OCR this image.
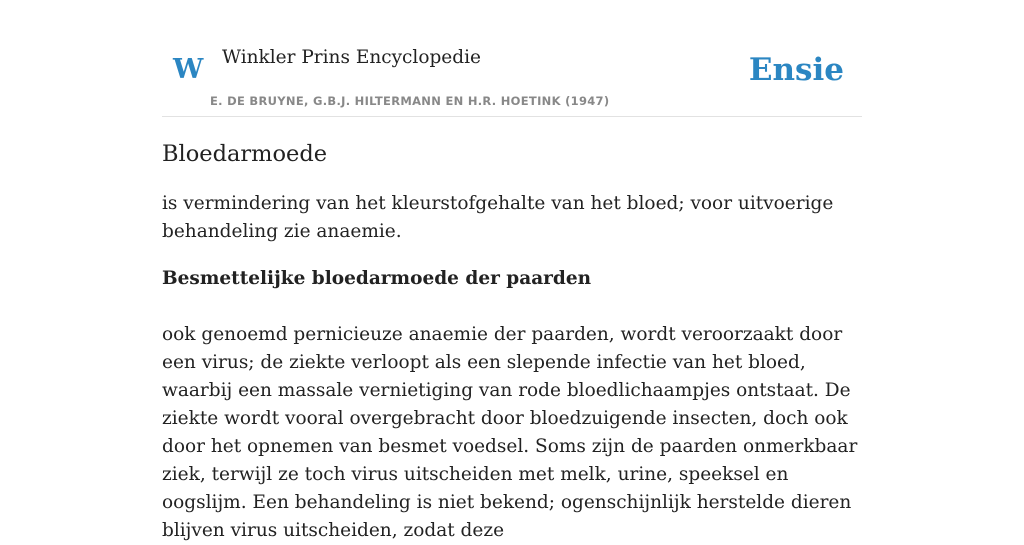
W Winkler Prins Encyclopedie
E. DE BRUYNE, G.B.J. HILTERMANN EN H.R. HOETINK (1947)
Ensie
Bloedarmoede

is vermindering van het kleurstofgehalte van het bloed; voor uitvoerige behandeling zie anaemie.

Besmettelijke bloedarmoede der paarden

ook genoemd pernicieuze anaemie der paarden, wordt veroorzaakt door een virus; de ziekte verloopt als een slepende infectie van het bloed, waarbij een massale vernietiging van rode bloedlichaampjes ontstaat. De ziekte wordt vooral overgebracht door bloedzuigende insecten, doch ook door het opnemen van besmet voedsel. Soms zijn de paarden onmerkbaar ziek, terwijl ze toch virus uitscheiden met melk, urine, speeksel en oogslijm. Een behandeling is niet bekend; ogenschijnlijk herstelde dieren blijven virus uitscheiden, zodat deze
